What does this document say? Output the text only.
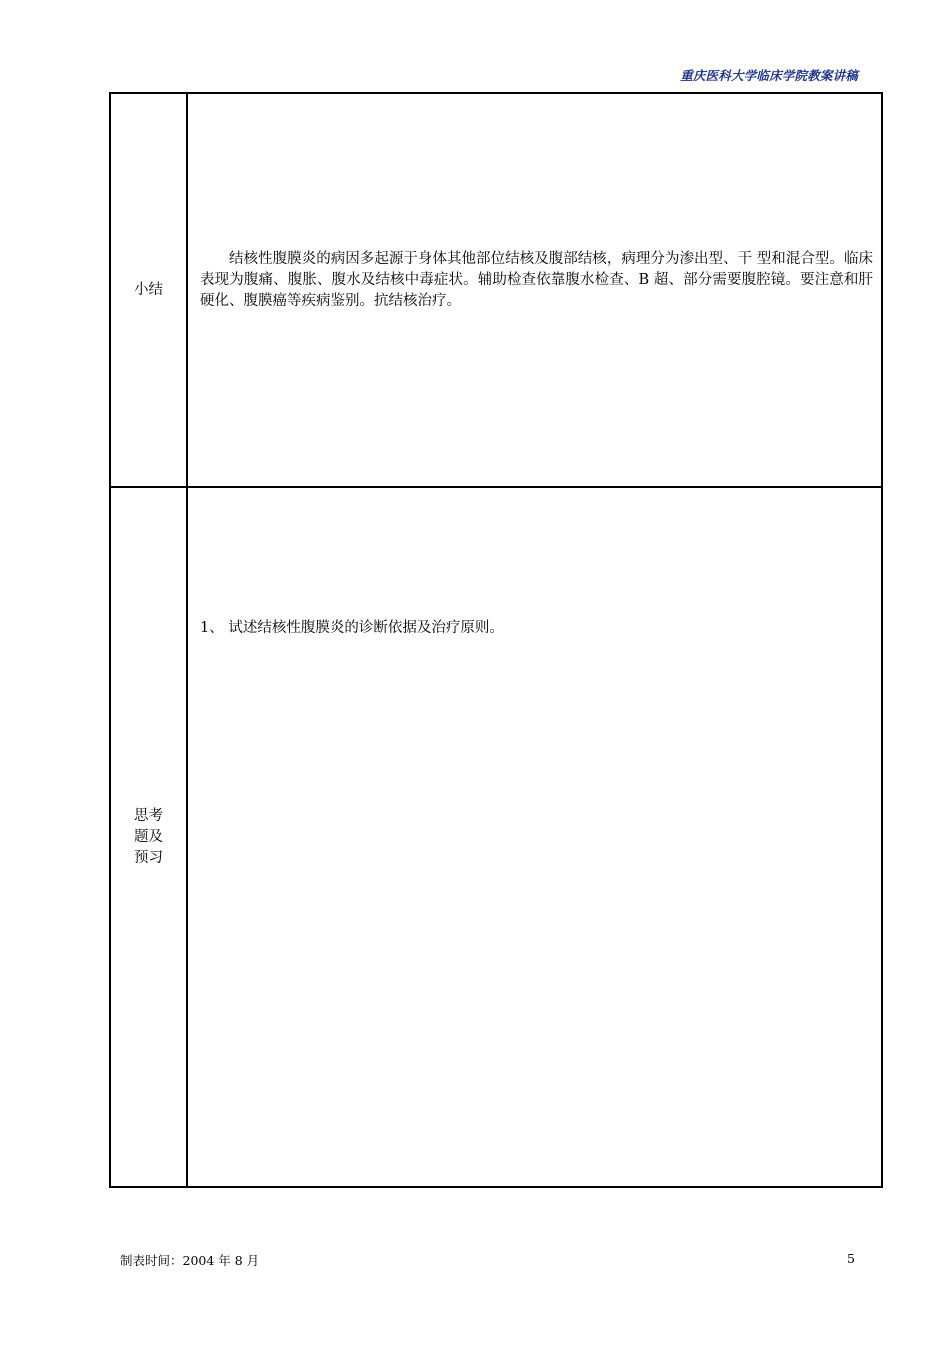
重庆医科大学临床学院教案讲稿
小结
结核性腹膜炎的病因多起源于身体其他部位结核及腹部结核，病理分为渗出型、干 型和混合型。临床表现为腹痛、腹胀、腹水及结核中毒症状。辅助检查依靠腹水检查、B 超、部分需要腹腔镜。要注意和肝硬化、腹膜癌等疾病鉴别。抗结核治疗。
思考
题及
预习
1、 试述结核性腹膜炎的诊断依据及治疗原则。
制表时间：2004 年 8 月	5
